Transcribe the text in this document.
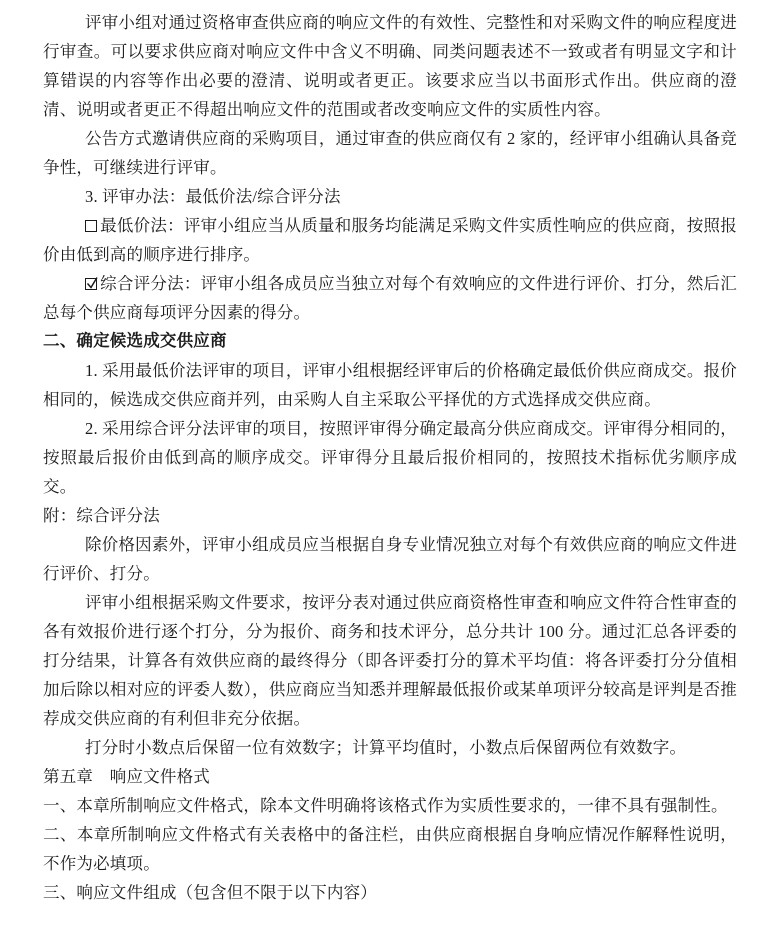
评审小组对通过资格审查供应商的响应文件的有效性、完整性和对采购文件的响应程度进行审查。可以要求供应商对响应文件中含义不明确、同类问题表述不一致或者有明显文字和计算错误的内容等作出必要的澄清、说明或者更正。该要求应当以书面形式作出。供应商的澄清、说明或者更正不得超出响应文件的范围或者改变响应文件的实质性内容。

公告方式邀请供应商的采购项目，通过审查的供应商仅有 2 家的，经评审小组确认具备竞争性，可继续进行评审。

3. 评审办法：最低价法/综合评分法

最低价法：评审小组应当从质量和服务均能满足采购文件实质性响应的供应商，按照报价由低到高的顺序进行排序。

综合评分法：评审小组各成员应当独立对每个有效响应的文件进行评价、打分，然后汇总每个供应商每项评分因素的得分。

二、确定候选成交供应商

1. 采用最低价法评审的项目，评审小组根据经评审后的价格确定最低价供应商成交。报价相同的，候选成交供应商并列，由采购人自主采取公平择优的方式选择成交供应商。

2. 采用综合评分法评审的项目，按照评审得分确定最高分供应商成交。评审得分相同的，按照最后报价由低到高的顺序成交。评审得分且最后报价相同的，按照技术指标优劣顺序成交。

附：综合评分法

除价格因素外，评审小组成员应当根据自身专业情况独立对每个有效供应商的响应文件进行评价、打分。

评审小组根据采购文件要求，按评分表对通过供应商资格性审查和响应文件符合性审查的各有效报价进行逐个打分，分为报价、商务和技术评分，总分共计 100 分。通过汇总各评委的打分结果，计算各有效供应商的最终得分（即各评委打分的算术平均值：将各评委打分分值相加后除以相对应的评委人数），供应商应当知悉并理解最低报价或某单项评分较高是评判是否推荐成交供应商的有利但非充分依据。

打分时小数点后保留一位有效数字；计算平均值时，小数点后保留两位有效数字。

第五章　响应文件格式

一、本章所制响应文件格式，除本文件明确将该格式作为实质性要求的，一律不具有强制性。

二、本章所制响应文件格式有关表格中的备注栏，由供应商根据自身响应情况作解释性说明，不作为必填项。

三、响应文件组成（包含但不限于以下内容）
